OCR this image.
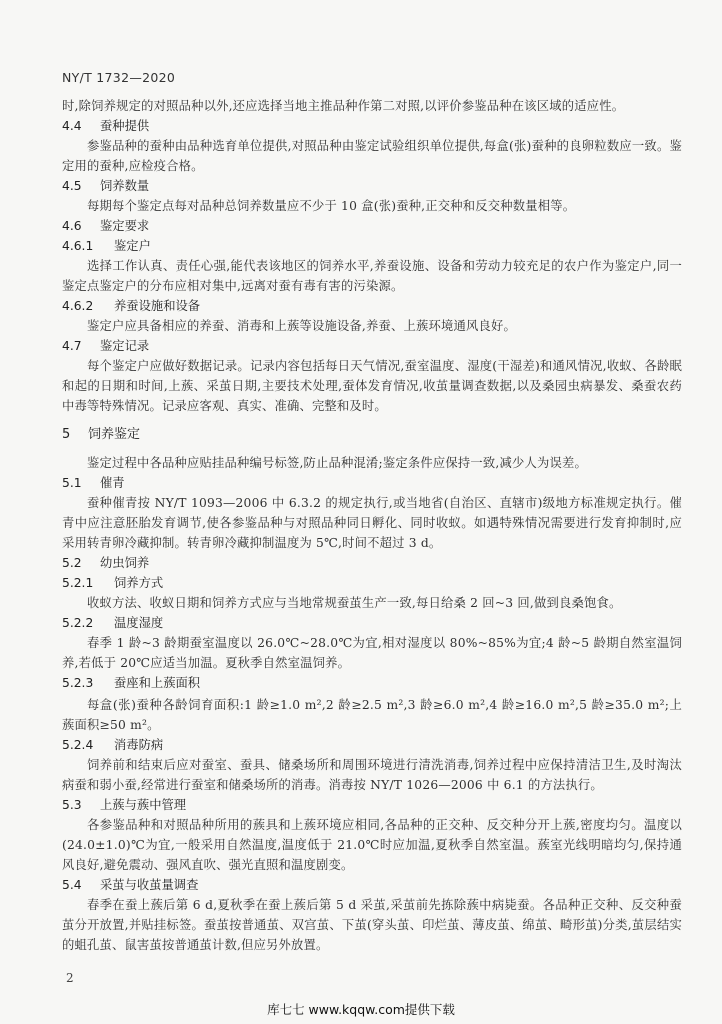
NY/T 1732—2020

时,除饲养规定的对照品种以外,还应选择当地主推品种作第二对照,以评价参鉴品种在该区域的适应性。

4.4 蚕种提供

参鉴品种的蚕种由品种选育单位提供,对照品种由鉴定试验组织单位提供,每盒(张)蚕种的良卵粒数应一致。鉴定用的蚕种,应检疫合格。

4.5 饲养数量

每期每个鉴定点每对品种总饲养数量应不少于 10 盒(张)蚕种,正交种和反交种数量相等。

4.6 鉴定要求
4.6.1 鉴定户

选择工作认真、责任心强,能代表该地区的饲养水平,养蚕设施、设备和劳动力较充足的农户作为鉴定户,同一鉴定点鉴定户的分布应相对集中,远离对蚕有毒有害的污染源。

4.6.2 养蚕设施和设备

鉴定户应具备相应的养蚕、消毒和上蔟等设施设备,养蚕、上蔟环境通风良好。

4.7 鉴定记录

每个鉴定户应做好数据记录。记录内容包括每日天气情况,蚕室温度、湿度(干湿差)和通风情况,收蚁、各龄眠和起的日期和时间,上蔟、采茧日期,主要技术处理,蚕体发育情况,收茧量调查数据,以及桑园虫病暴发、桑蚕农药中毒等特殊情况。记录应客观、真实、准确、完整和及时。

5 饲养鉴定

鉴定过程中各品种应贴挂品种编号标签,防止品种混淆;鉴定条件应保持一致,减少人为误差。

5.1 催青

蚕种催青按 NY/T 1093—2006 中 6.3.2 的规定执行,或当地省(自治区、直辖市)级地方标准规定执行。催青中应注意胚胎发育调节,使各参鉴品种与对照品种同日孵化、同时收蚁。如遇特殊情况需要进行发育抑制时,应采用转青卵冷藏抑制。转青卵冷藏抑制温度为 5℃,时间不超过 3 d。

5.2 幼虫饲养
5.2.1 饲养方式

收蚁方法、收蚁日期和饲养方式应与当地常规蚕茧生产一致,每日给桑 2 回~3 回,做到良桑饱食。

5.2.2 温度湿度

春季 1 龄~3 龄期蚕室温度以 26.0℃~28.0℃为宜,相对湿度以 80%~85%为宜;4 龄~5 龄期自然室温饲养,若低于 20℃应适当加温。夏秋季自然室温饲养。

5.2.3 蚕座和上蔟面积

每盒(张)蚕种各龄饲育面积:1 龄≥1.0 m²,2 龄≥2.5 m²,3 龄≥6.0 m²,4 龄≥16.0 m²,5 龄≥35.0 m²;上蔟面积≥50 m²。

5.2.4 消毒防病

饲养前和结束后应对蚕室、蚕具、储桑场所和周围环境进行清洗消毒,饲养过程中应保持清洁卫生,及时淘汰病蚕和弱小蚕,经常进行蚕室和储桑场所的消毒。消毒按 NY/T 1026—2006 中 6.1 的方法执行。

5.3 上蔟与蔟中管理

各参鉴品种和对照品种所用的蔟具和上蔟环境应相同,各品种的正交种、反交种分开上蔟,密度均匀。温度以(24.0±1.0)℃为宜,一般采用自然温度,温度低于 21.0℃时应加温,夏秋季自然室温。蔟室光线明暗均匀,保持通风良好,避免震动、强风直吹、强光直照和温度剧变。

5.4 采茧与收茧量调查

春季在蚕上蔟后第 6 d,夏秋季在蚕上蔟后第 5 d 采茧,采茧前先拣除蔟中病毙蚕。各品种正交种、反交种蚕茧分开放置,并贴挂标签。蚕茧按普通茧、双宫茧、下茧(穿头茧、印烂茧、薄皮茧、绵茧、畸形茧)分类,茧层结实的蛆孔茧、鼠害茧按普通茧计数,但应另外放置。

2
库七七 www.kqqw.com提供下载
